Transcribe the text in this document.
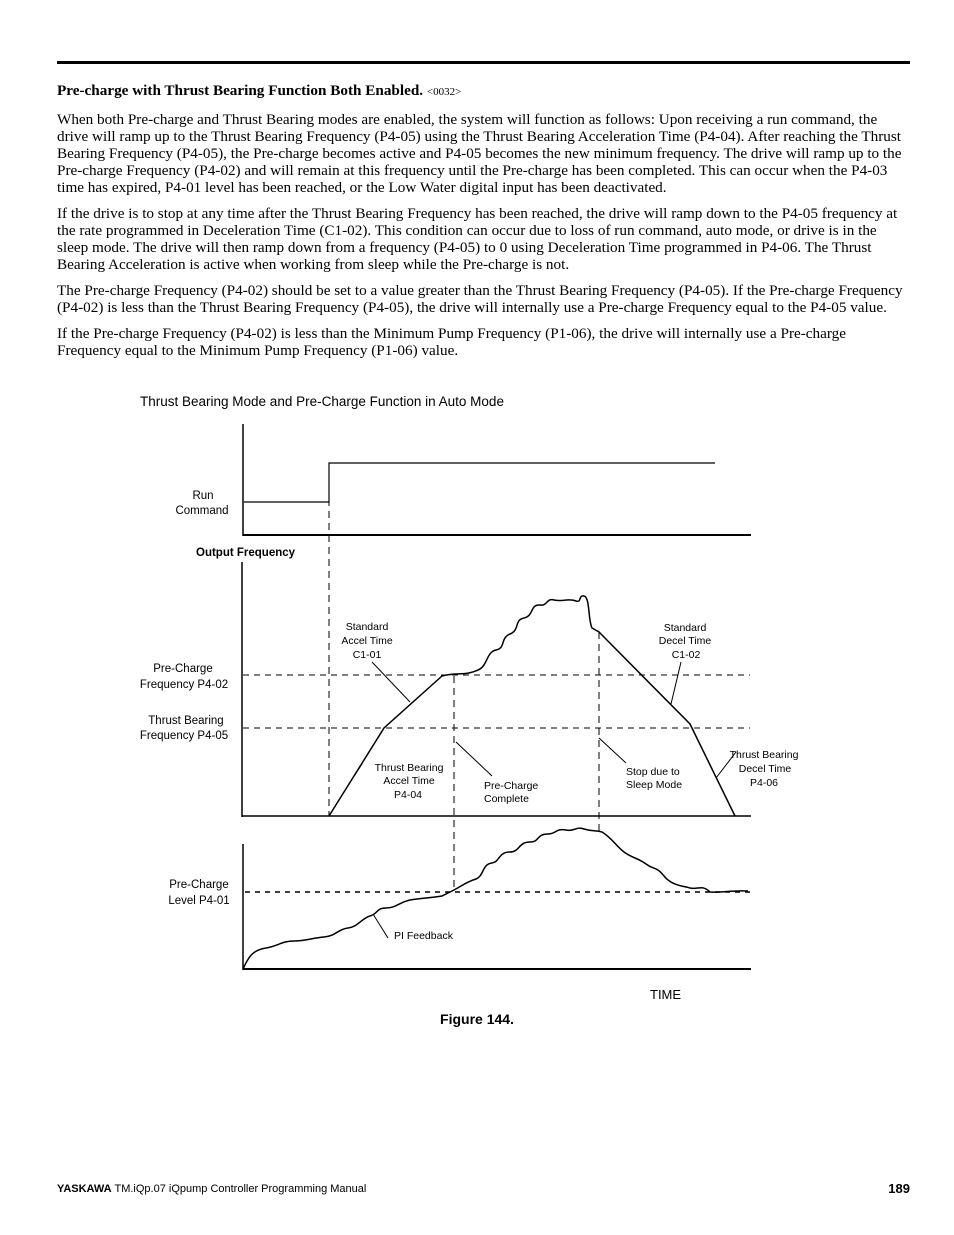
Pre-charge with Thrust Bearing Function Both Enabled. <0032>

When both Pre-charge and Thrust Bearing modes are enabled, the system will function as follows: Upon receiving a run command, the drive will ramp up to the Thrust Bearing Frequency (P4-05) using the Thrust Bearing Acceleration Time (P4-04). After reaching the Thrust Bearing Frequency (P4-05), the Pre-charge becomes active and P4-05 becomes the new minimum frequency. The drive will ramp up to the Pre-charge Frequency (P4-02) and will remain at this frequency until the Pre-charge has been completed. This can occur when the P4-03 time has expired, P4-01 level has been reached, or the Low Water digital input has been deactivated.

If the drive is to stop at any time after the Thrust Bearing Frequency has been reached, the drive will ramp down to the P4-05 frequency at the rate programmed in Deceleration Time (C1-02). This condition can occur due to loss of run command, auto mode, or drive is in the sleep mode. The drive will then ramp down from a frequency (P4-05) to 0 using Deceleration Time programmed in P4-06. The Thrust Bearing Acceleration is active when working from sleep while the Pre-charge is not.

The Pre-charge Frequency (P4-02) should be set to a value greater than the Thrust Bearing Frequency (P4-05). If the Pre-charge Frequency (P4-02) is less than the Thrust Bearing Frequency (P4-05), the drive will internally use a Pre-charge Frequency equal to the P4-05 value.

If the Pre-charge Frequency (P4-02) is less than the Minimum Pump Frequency (P1-06), the drive will internally use a Pre-charge Frequency equal to the Minimum Pump Frequency (P1-06) value.

Thrust Bearing Mode and Pre-Charge Function in Auto Mode
Run
Command
Output Frequency
Pre-Charge
Frequency P4-02
Thrust Bearing
Frequency P4-05
Standard
Accel Time
C1-01
Standard
Decel Time
C1-02
Thrust Bearing
Accel Time
P4-04
Pre-Charge
Complete
Stop due to
Sleep Mode
Thrust Bearing
Decel Time
P4-06
Pre-Charge
Level P4-01
PI Feedback
TIME
Figure 144.
YASKAWA TM.iQp.07 iQpump Controller Programming Manual	189
